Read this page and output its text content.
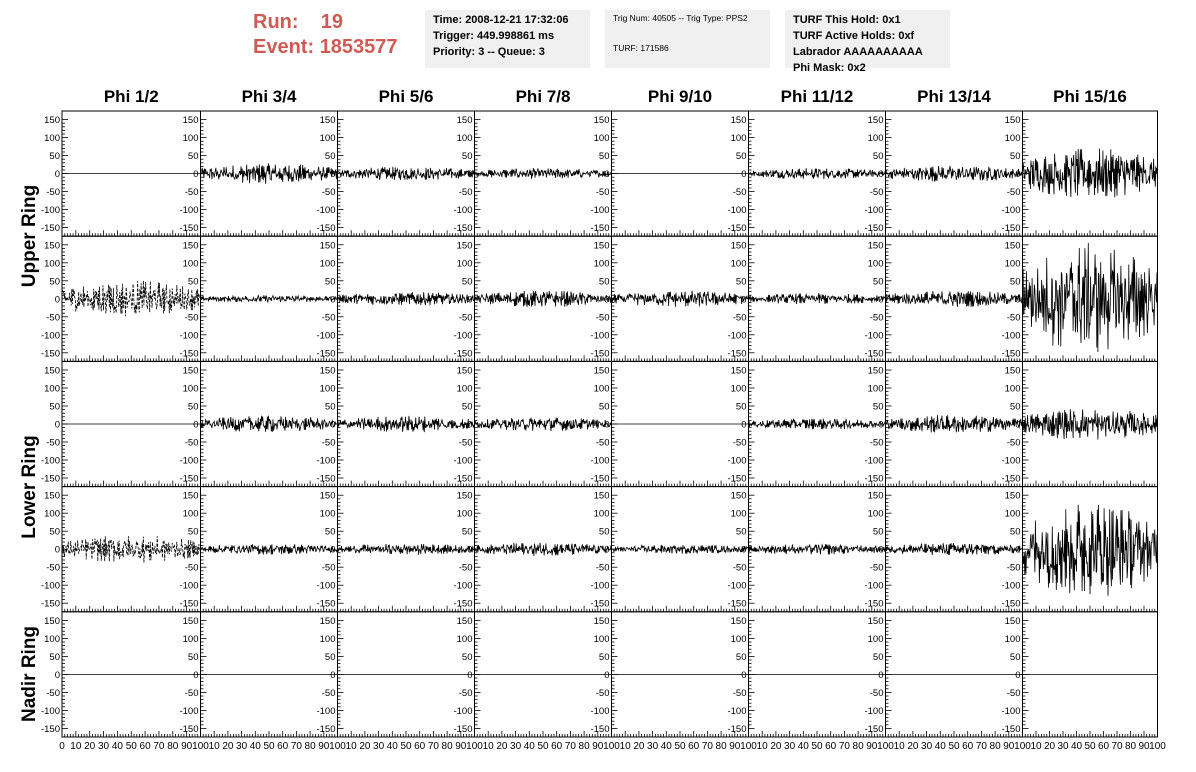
Run: 19
Event: 1853577
Time: 2008-12-21 17:32:06
Trigger: 449.998861 ms
Priority: 3 -- Queue: 3
Trig Num: 40505 -- Trig Type: PPS2
TURF: 171586
TURF This Hold: 0x1
TURF Active Holds: 0xf
Labrador AAAAAAAAAA
Phi Mask: 0x2
Phi 1/2	Phi 3/4	Phi 5/6	Phi 7/8	Phi 9/10	Phi 11/12	Phi 13/14	Phi 15/16
Upper Ring
Lower Ring
Nadir Ring
-150
-100
-50
0
50
100
150
-150
-100
-50
0
50
100
150
-150
-100
-50
0
50
100
150
-150
-100
-50
0
50
100
150
-150
-100
-50
0
50
100
150
-150
-100
-50
0
50
100
150
-150
-100
-50
0
50
100
150
-150
-100
-50
0
50
100
150
-150
-100
-50
0
50
100
150
-150
-100
-50
0
50
100
150
-150
-100
-50
0
50
100
150
-150
-100
-50
0
50
100
150
-150
-100
-50
0
50
100
150
-150
-100
-50
0
50
100
150
-150
-100
-50
0
50
100
150
-150
-100
-50
0
50
100
150
-150
-100
-50
0
50
100
150
-150
-100
-50
0
50
100
150
-150
-100
-50
0
50
100
150
-150
-100
-50
0
50
100
150
-150
-100
-50
0
50
100
150
-150
-100
-50
0
50
100
150
-150
-100
-50
0
50
100
150
-150
-100
-50
0
50
100
150
-150
-100
-50
0
50
100
150
-150
-100
-50
0
50
100
150
-150
-100
-50
0
50
100
150
-150
-100
-50
0
50
100
150
-150
-100
-50
0
50
100
150
-150
-100
-50
0
50
100
150
-150
-100
-50
0
50
100
150
-150
-100
-50
0
50
100
150
-150
-100
-50
0
50
100
150
0 10 20 30 40 50 60 70 80 90 100
-150
-100
-50
0
50
100
150
10 20 30 40 50 60 70 80 90 100
-150
-100
-50
0
50
100
150
10 20 30 40 50 60 70 80 90 100
-150
-100
-50
0
50
100
150
10 20 30 40 50 60 70 80 90 100
-150
-100
-50
0
50
100
150
10 20 30 40 50 60 70 80 90 100
-150
-100
-50
0
50
100
150
10 20 30 40 50 60 70 80 90 100
-150
-100
-50
0
50
100
150
10 20 30 40 50 60 70 80 90 100
-150
-100
-50
0
50
100
150
10 20 30 40 50 60 70 80 90 100
